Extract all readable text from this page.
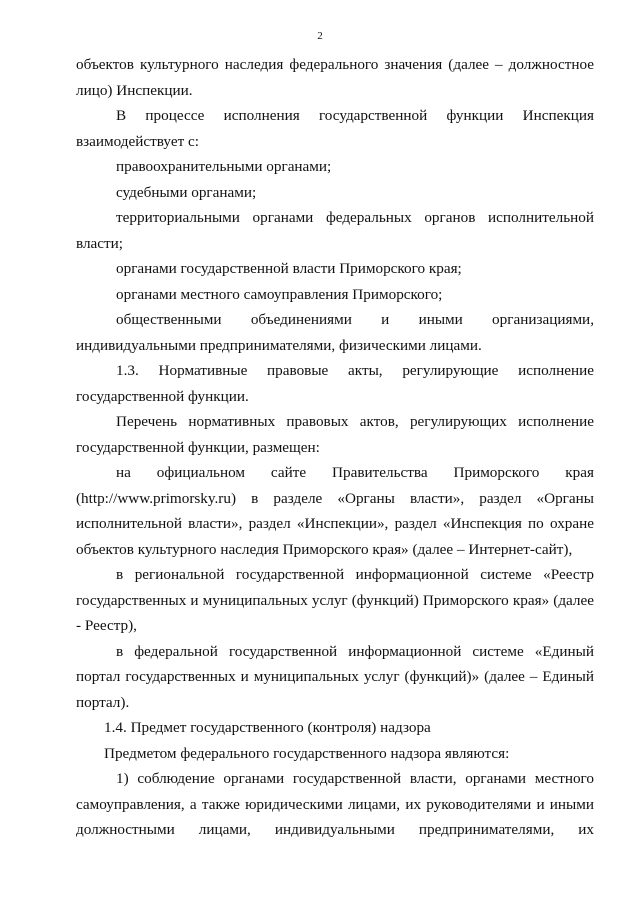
2

объектов культурного наследия федерального значения (далее – должностное лицо) Инспекции.

В процессе исполнения государственной функции Инспекция взаимодействует с:

правоохранительными органами;

судебными органами;

территориальными органами федеральных органов исполнительной власти;

органами государственной власти Приморского края;

органами местного самоуправления Приморского;

общественными объединениями и иными организациями, индивидуальными предпринимателями, физическими лицами.

1.3. Нормативные правовые акты, регулирующие исполнение государственной функции.

Перечень нормативных правовых актов, регулирующих исполнение государственной функции, размещен:

на официальном сайте Правительства Приморского края (http://www.primorsky.ru) в разделе «Органы власти», раздел «Органы исполнительной власти», раздел «Инспекции», раздел «Инспекция по охране объектов культурного наследия Приморского края» (далее – Интернет-сайт),

в региональной государственной информационной системе «Реестр государственных и муниципальных услуг (функций) Приморского края» (далее - Реестр),

в федеральной государственной информационной системе «Единый портал государственных и муниципальных услуг (функций)» (далее – Единый портал).

1.4. Предмет государственного (контроля) надзора

Предметом федерального государственного надзора являются:

1) соблюдение органами государственной власти, органами местного самоуправления, а также юридическими лицами, их руководителями и иными должностными лицами, индивидуальными предпринимателями, их
